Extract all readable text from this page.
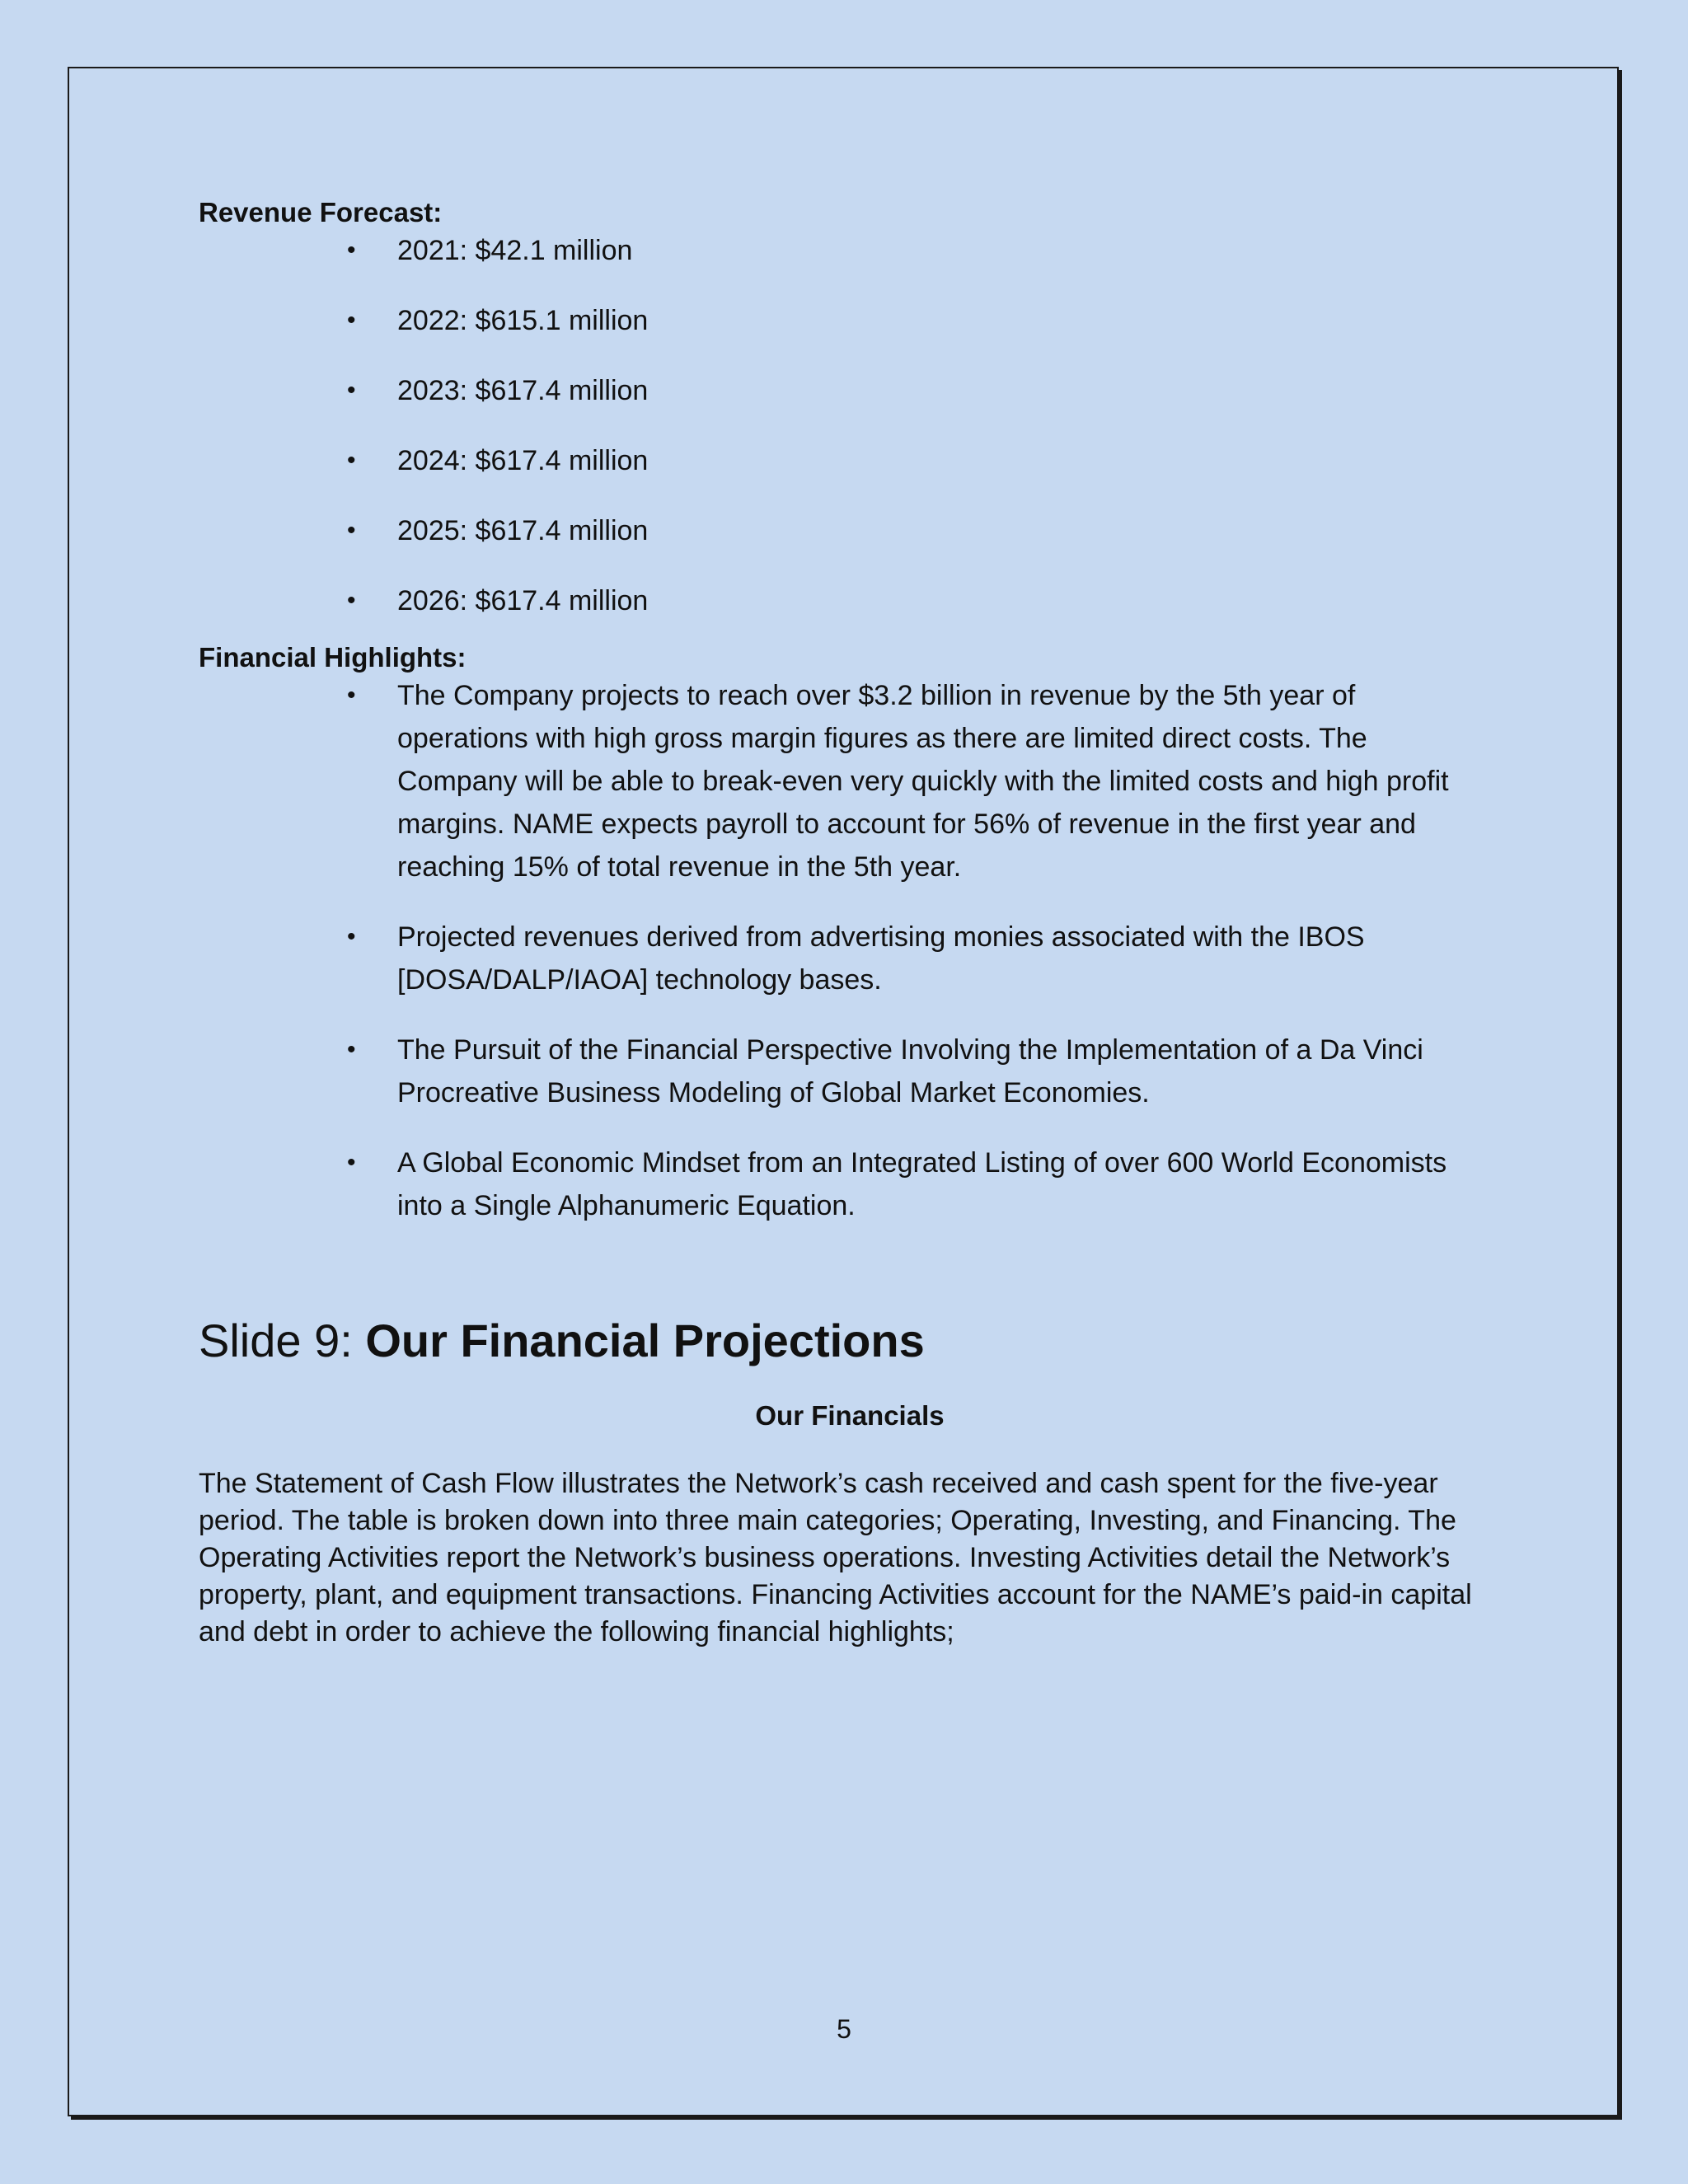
Revenue Forecast:

• 2021: $42.1 million
• 2022: $615.1 million
• 2023: $617.4 million
• 2024: $617.4 million
• 2025: $617.4 million
• 2026: $617.4 million

Financial Highlights:

• The Company projects to reach over $3.2 billion in revenue by the 5th year of operations with high gross margin figures as there are limited direct costs. The Company will be able to break-even very quickly with the limited costs and high profit margins. NAME expects payroll to account for 56% of revenue in the first year and reaching 15% of total revenue in the 5th year.
• Projected revenues derived from advertising monies associated with the IBOS [DOSA/DALP/IAOA] technology bases.
• The Pursuit of the Financial Perspective Involving the Implementation of a Da Vinci Procreative Business Modeling of Global Market Economies.
• A Global Economic Mindset from an Integrated Listing of over 600 World Economists into a Single Alphanumeric Equation.
Slide 9: Our Financial Projections
Our Financials

The Statement of Cash Flow illustrates the Network’s cash received and cash spent for the five-year period. The table is broken down into three main categories; Operating, Investing, and Financing. The Operating Activities report the Network’s business operations. Investing Activities detail the Network’s property, plant, and equipment transactions. Financing Activities account for the NAME’s paid-in capital and debt in order to achieve the following financial highlights;

5
